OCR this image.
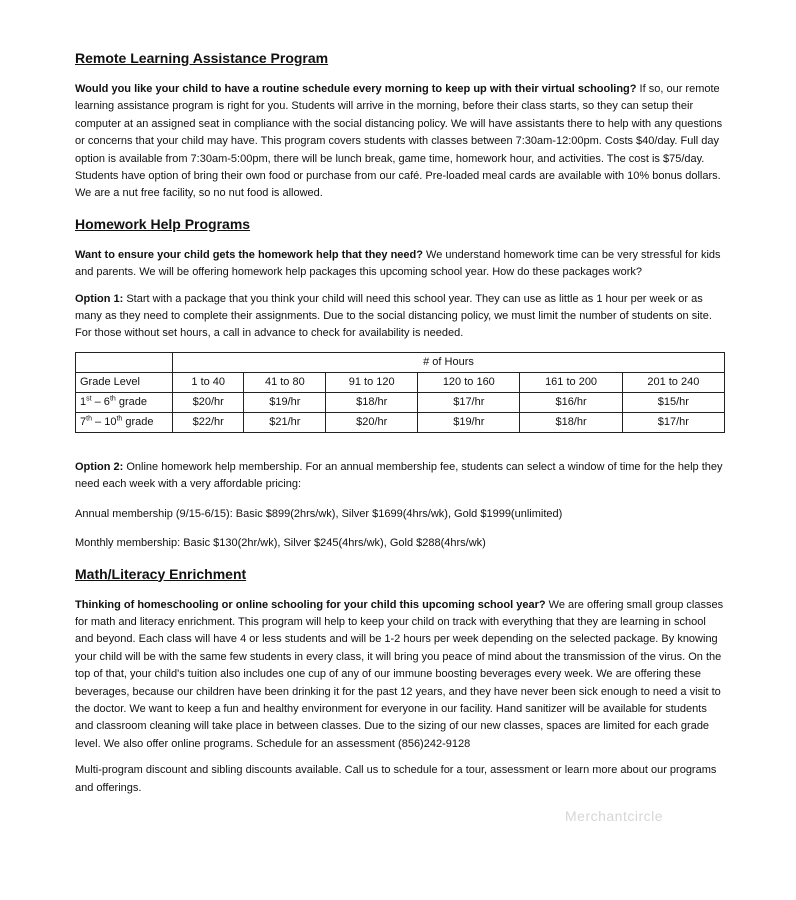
Remote Learning Assistance Program

Would you like your child to have a routine schedule every morning to keep up with their virtual schooling? If so, our remote learning assistance program is right for you. Students will arrive in the morning, before their class starts, so they can setup their computer at an assigned seat in compliance with the social distancing policy. We will have assistants there to help with any questions or concerns that your child may have. This program covers students with classes between 7:30am-12:00pm. Costs $40/day. Full day option is available from 7:30am-5:00pm, there will be lunch break, game time, homework hour, and activities. The cost is $75/day. Students have option of bring their own food or purchase from our café. Pre-loaded meal cards are available with 10% bonus dollars. We are a nut free facility, so no nut food is allowed.

Homework Help Programs

Want to ensure your child gets the homework help that they need? We understand homework time can be very stressful for kids and parents. We will be offering homework help packages this upcoming school year. How do these packages work?

Option 1: Start with a package that you think your child will need this school year. They can use as little as 1 hour per week or as many as they need to complete their assignments. Due to the social distancing policy, we must limit the number of students on site. For those without set hours, a call in advance to check for availability is needed.

	# of Hours					
Grade Level	1 to 40	41 to 80	91 to 120	120 to 160	161 to 200	201 to 240
1st – 6th grade	$20/hr	$19/hr	$18/hr	$17/hr	$16/hr	$15/hr
7th – 10th grade	$22/hr	$21/hr	$20/hr	$19/hr	$18/hr	$17/hr

Option 2: Online homework help membership. For an annual membership fee, students can select a window of time for the help they need each week with a very affordable pricing:

Annual membership (9/15-6/15): Basic $899(2hrs/wk), Silver $1699(4hrs/wk), Gold $1999(unlimited)

Monthly membership: Basic $130(2hr/wk), Silver $245(4hrs/wk), Gold $288(4hrs/wk)

Math/Literacy Enrichment

Thinking of homeschooling or online schooling for your child this upcoming school year? We are offering small group classes for math and literacy enrichment. This program will help to keep your child on track with everything that they are learning in school and beyond. Each class will have 4 or less students and will be 1-2 hours per week depending on the selected package. By knowing your child will be with the same few students in every class, it will bring you peace of mind about the transmission of the virus. On the top of that, your child's tuition also includes one cup of any of our immune boosting beverages every week. We are offering these beverages, because our children have been drinking it for the past 12 years, and they have never been sick enough to need a visit to the doctor. We want to keep a fun and healthy environment for everyone in our facility. Hand sanitizer will be available for students and classroom cleaning will take place in between classes. Due to the sizing of our new classes, spaces are limited for each grade level. We also offer online programs. Schedule for an assessment (856)242-9128

Multi-program discount and sibling discounts available. Call us to schedule for a tour, assessment or learn more about our programs and offerings.

Merchantcircle
